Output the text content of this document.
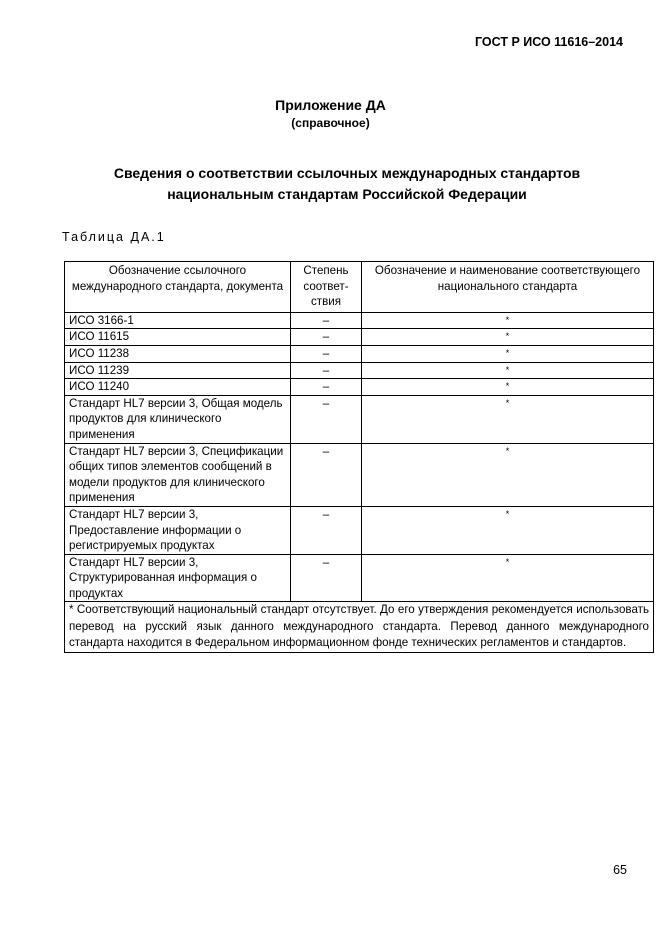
ГОСТ Р ИСО 11616–2014
Приложение ДА
(справочное)
Сведения о соответствии ссылочных международных стандартов
национальным стандартам Российской Федерации
Таблица ДА.1
Обозначение ссылочного международного стандарта, документа	Степень соответ-ствия	Обозначение и наименование соответствующего национального стандарта
ИСО 3166-1	–	*
ИСО 11615	–	*
ИСО 11238	–	*
ИСО 11239	–	*
ИСО 11240	–	*
Стандарт HL7 версии 3, Общая модель продуктов для клинического применения	–	*
Стандарт HL7 версии 3, Спецификации общих типов элементов сообщений в модели продуктов для клинического применения	–	*
Стандарт HL7 версии 3, Предоставление информации о регистрируемых продуктах	–	*
Стандарт HL7 версии 3, Структурированная информация о продуктах	–	*
* Соответствующий национальный стандарт отсутствует. До его утверждения рекомендуется использовать перевод на русский язык данного международного стандарта. Перевод данного международного стандарта находится в Федеральном информационном фонде технических регламентов и стандартов.		
65
